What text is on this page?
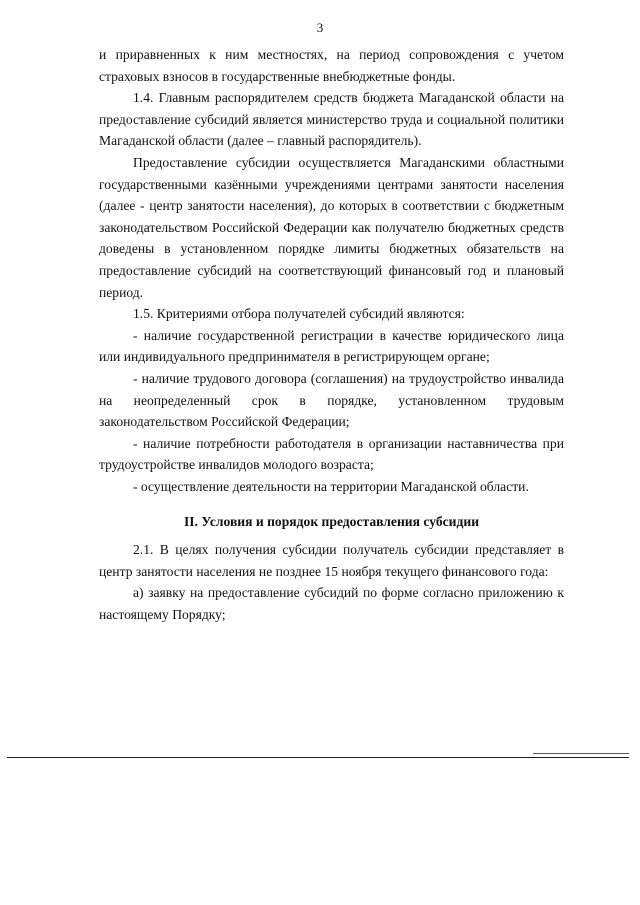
3

и приравненных к ним местностях, на период сопровождения с учетом страховых взносов в государственные внебюджетные фонды.

1.4. Главным распорядителем средств бюджета Магаданской области на предоставление субсидий является министерство труда и социальной политики Магаданской области (далее – главный распорядитель).

Предоставление субсидии осуществляется Магаданскими областными государственными казёнными учреждениями центрами занятости населения (далее - центр занятости населения), до которых в соответствии с бюджетным законодательством Российской Федерации как получателю бюджетных средств доведены в установленном порядке лимиты бюджетных обязательств на предоставление субсидий на соответствующий финансовый год и плановый период.

1.5. Критериями отбора получателей субсидий являются:

- наличие государственной регистрации в качестве юридического лица или индивидуального предпринимателя в регистрирующем органе;

- наличие трудового договора (соглашения) на трудоустройство инвалида на неопределенный срок в порядке, установленном трудовым законодательством Российской Федерации;

- наличие потребности работодателя в организации наставничества при трудоустройстве инвалидов молодого возраста;

- осуществление деятельности на территории Магаданской области.

II. Условия и порядок предоставления субсидии

2.1. В целях получения субсидии получатель субсидии представляет в центр занятости населения не позднее 15 ноября текущего финансового года:

а) заявку на предоставление субсидий по форме согласно приложению к настоящему Порядку;
